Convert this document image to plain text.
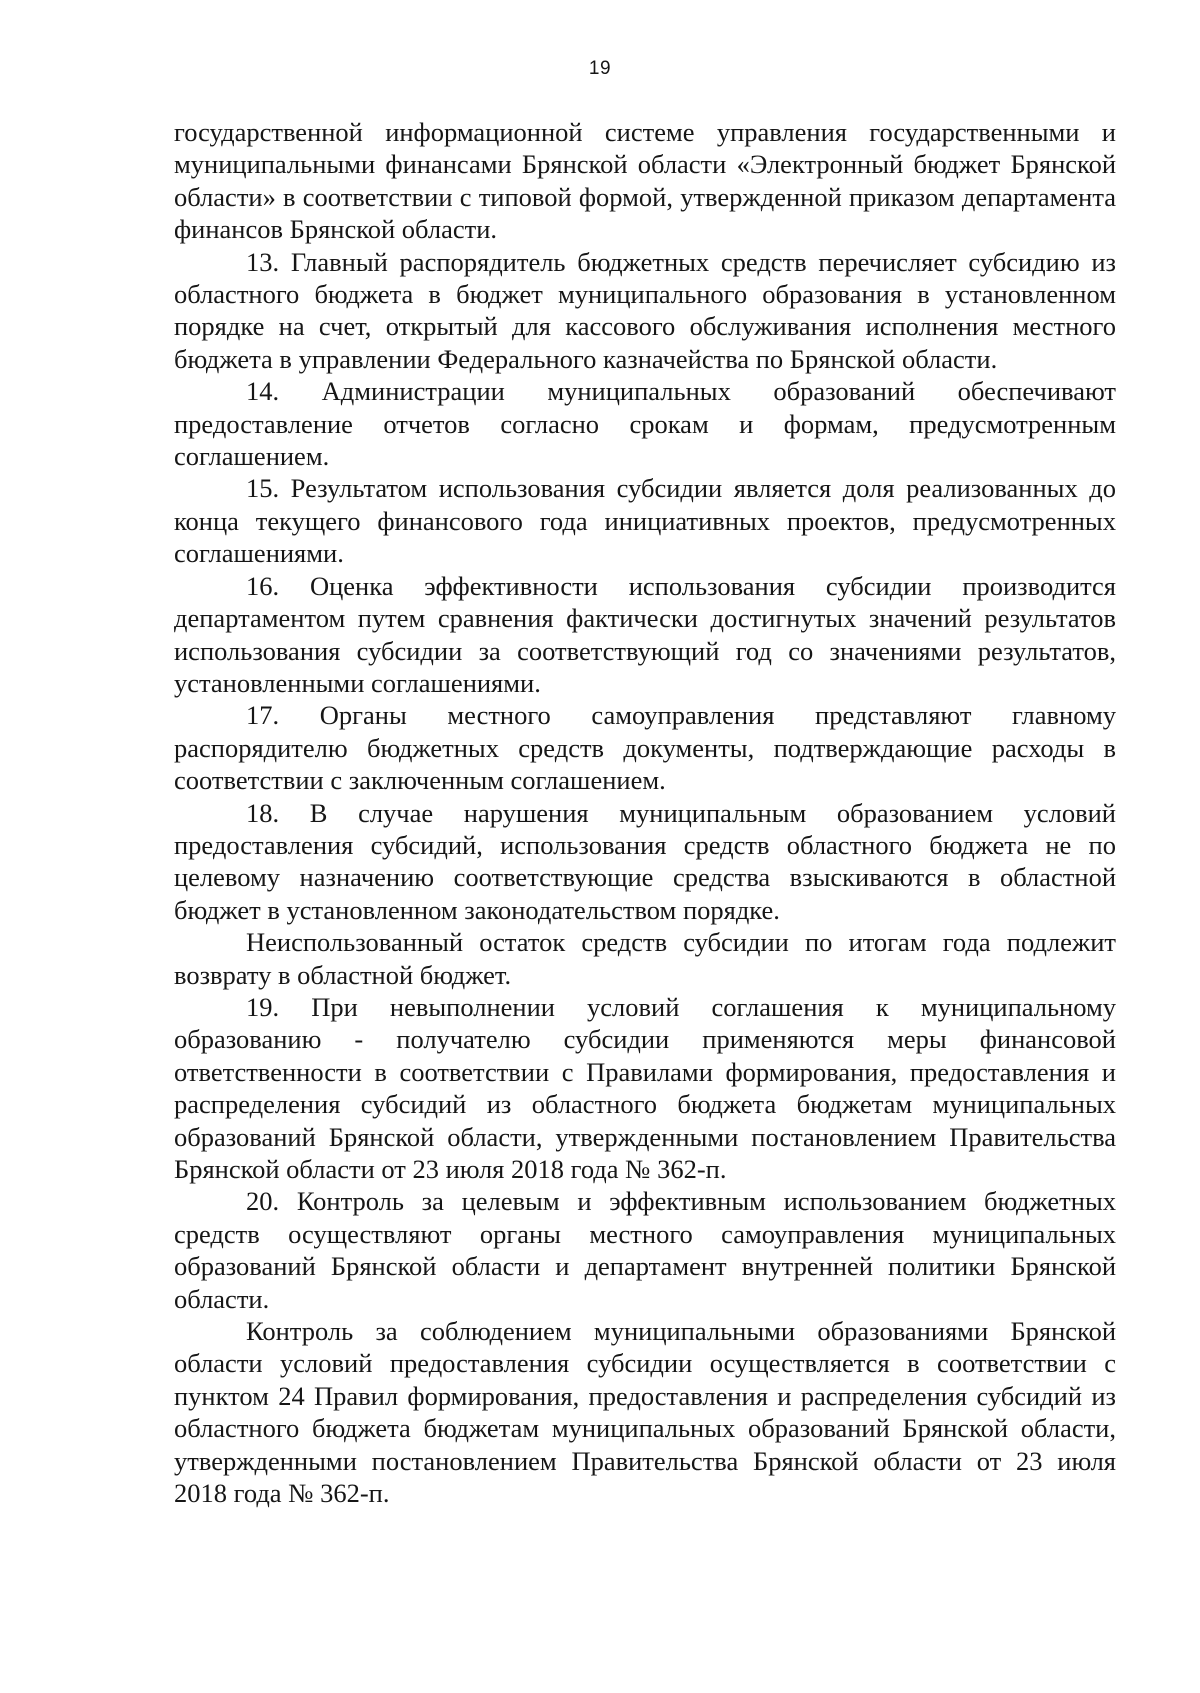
19

государственной информационной системе управления государственными и муниципальными финансами Брянской области «Электронный бюджет Брянской области» в соответствии с типовой формой, утвержденной приказом департамента финансов Брянской области.

13. Главный распорядитель бюджетных средств перечисляет субсидию из областного бюджета в бюджет муниципального образования в установленном порядке на счет, открытый для кассового обслуживания исполнения местного бюджета в управлении Федерального казначейства по Брянской области.

14. Администрации муниципальных образований обеспечивают предоставление отчетов согласно срокам и формам, предусмотренным соглашением.

15. Результатом использования субсидии является доля реализованных до конца текущего финансового года инициативных проектов, предусмотренных соглашениями.

16. Оценка эффективности использования субсидии производится департаментом путем сравнения фактически достигнутых значений результатов использования субсидии за соответствующий год со значениями результатов, установленными соглашениями.

17. Органы местного самоуправления представляют главному распорядителю бюджетных средств документы, подтверждающие расходы в соответствии с заключенным соглашением.

18. В случае нарушения муниципальным образованием условий предоставления субсидий, использования средств областного бюджета не по целевому назначению соответствующие средства взыскиваются в областной бюджет в установленном законодательством порядке.

Неиспользованный остаток средств субсидии по итогам года подлежит возврату в областной бюджет.

19. При невыполнении условий соглашения к муниципальному образованию - получателю субсидии применяются меры финансовой ответственности в соответствии с Правилами формирования, предоставления и распределения субсидий из областного бюджета бюджетам муниципальных образований Брянской области, утвержденными постановлением Правительства Брянской области от 23 июля 2018 года № 362-п.

20. Контроль за целевым и эффективным использованием бюджетных средств осуществляют органы местного самоуправления муниципальных образований Брянской области и департамент внутренней политики Брянской области.

Контроль за соблюдением муниципальными образованиями Брянской области условий предоставления субсидии осуществляется в соответствии с пунктом 24 Правил формирования, предоставления и распределения субсидий из областного бюджета бюджетам муниципальных образований Брянской области, утвержденными постановлением Правительства Брянской области от 23 июля 2018 года № 362-п.
